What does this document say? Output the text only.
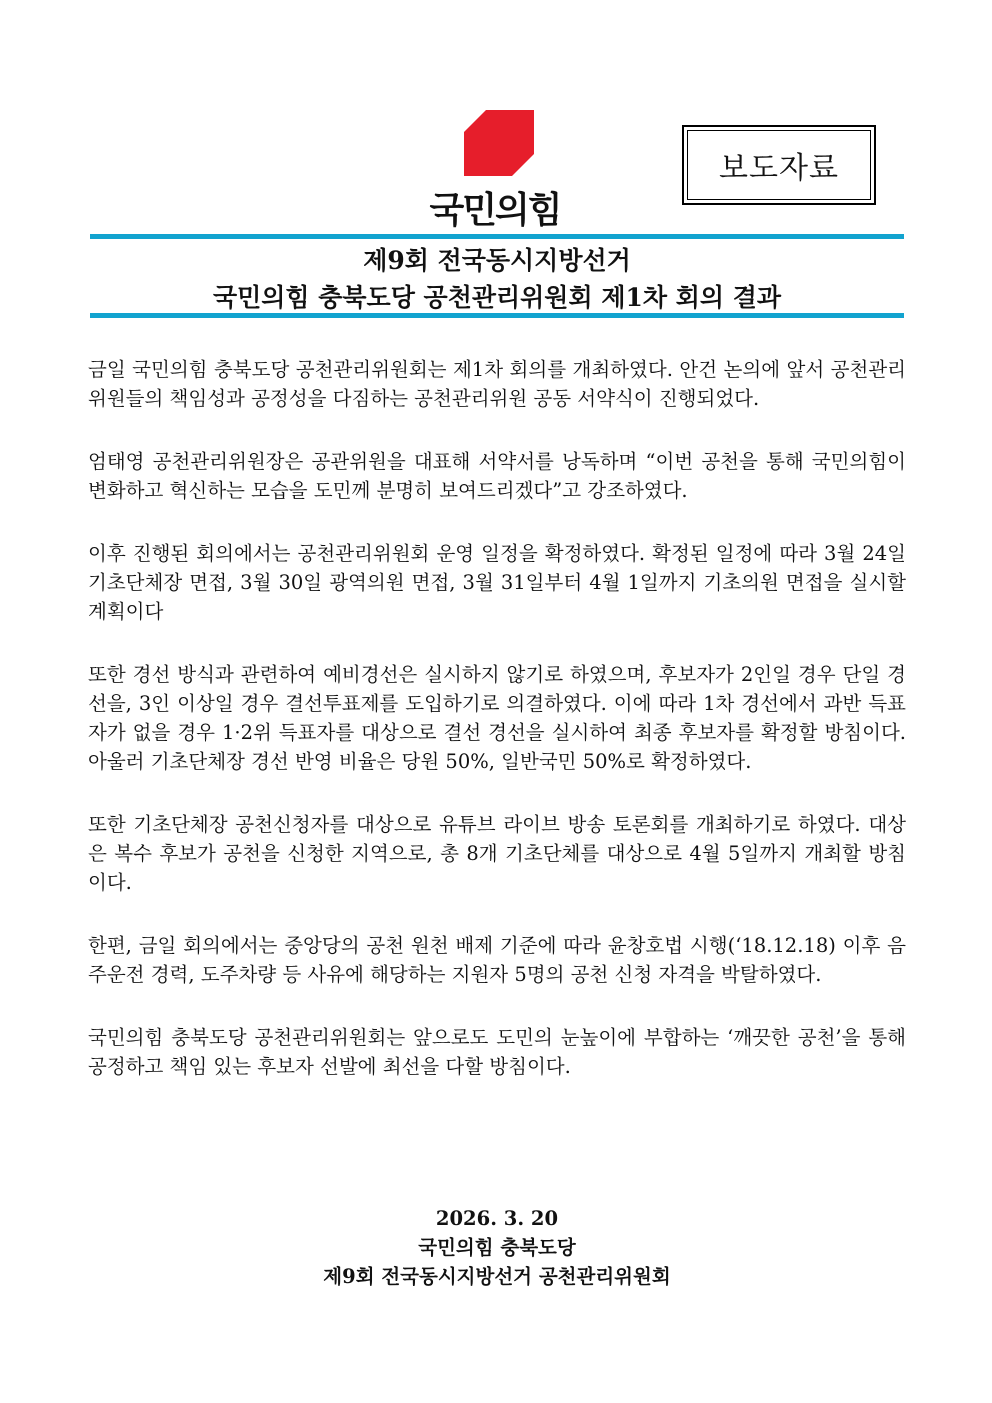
국민의힘
보도자료
제9회 전국동시지방선거
국민의힘 충북도당 공천관리위원회 제1차 회의 결과

금일 국민의힘 충북도당 공천관리위원회는 제1차 회의를 개최하였다. 안건 논의에 앞서 공천관리위원들의 책임성과 공정성을 다짐하는 공천관리위원 공동 서약식이 진행되었다.

엄태영 공천관리위원장은 공관위원을 대표해 서약서를 낭독하며 “이번 공천을 통해 국민의힘이 변화하고 혁신하는 모습을 도민께 분명히 보여드리겠다”고 강조하였다.

이후 진행된 회의에서는 공천관리위원회 운영 일정을 확정하였다. 확정된 일정에 따라 3월 24일 기초단체장 면접, 3월 30일 광역의원 면접, 3월 31일부터 4월 1일까지 기초의원 면접을 실시할 계획이다

또한 경선 방식과 관련하여 예비경선은 실시하지 않기로 하였으며, 후보자가 2인일 경우 단일 경선을, 3인 이상일 경우 결선투표제를 도입하기로 의결하였다. 이에 따라 1차 경선에서 과반 득표자가 없을 경우 1·2위 득표자를 대상으로 결선 경선을 실시하여 최종 후보자를 확정할 방침이다. 아울러 기초단체장 경선 반영 비율은 당원 50%, 일반국민 50%로 확정하였다.

또한 기초단체장 공천신청자를 대상으로 유튜브 라이브 방송 토론회를 개최하기로 하였다. 대상은 복수 후보가 공천을 신청한 지역으로, 총 8개 기초단체를 대상으로 4월 5일까지 개최할 방침이다.

한편, 금일 회의에서는 중앙당의 공천 원천 배제 기준에 따라 윤창호법 시행(‘18.12.18) 이후 음주운전 경력, 도주차량 등 사유에 해당하는 지원자 5명의 공천 신청 자격을 박탈하였다.

국민의힘 충북도당 공천관리위원회는 앞으로도 도민의 눈높이에 부합하는 ‘깨끗한 공천’을 통해 공정하고 책임 있는 후보자 선발에 최선을 다할 방침이다.

2026. 3. 20
국민의힘 충북도당
제9회 전국동시지방선거 공천관리위원회
